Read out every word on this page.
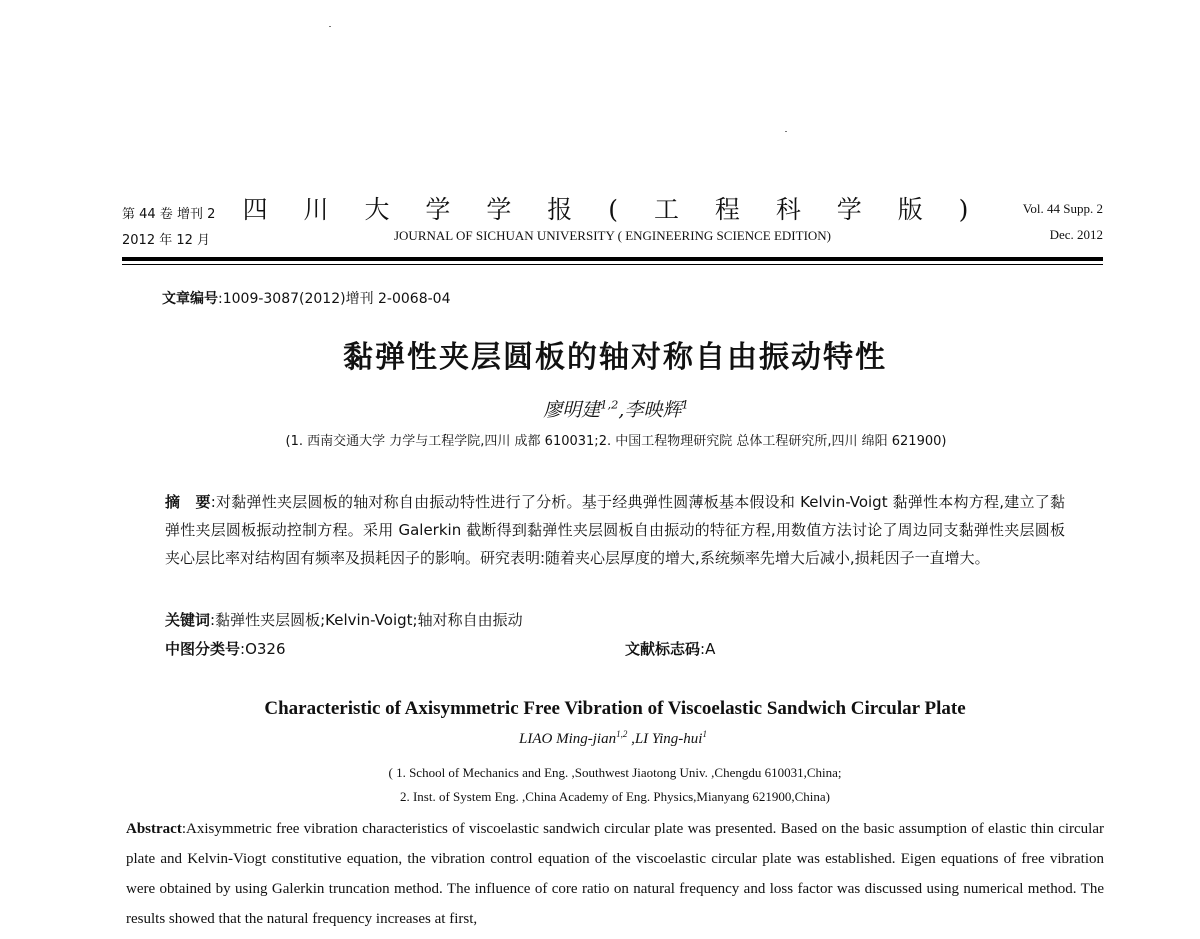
第 44 卷 增刊 2
2012 年 12 月
四 川 大 学 学 报 ( 工 程 科 学 版 )
JOURNAL OF SICHUAN UNIVERSITY ( ENGINEERING SCIENCE EDITION)
Vol. 44 Supp. 2
Dec. 2012
文章编号:1009-3087(2012)增刊 2-0068-04
黏弹性夹层圆板的轴对称自由振动特性
廖明建$^{1,2}$,李映辉$^1$
(1. 西南交通大学 力学与工程学院,四川 成都 610031;2. 中国工程物理研究院 总体工程研究所,四川 绵阳 621900)
摘　要:对黏弹性夹层圆板的轴对称自由振动特性进行了分析。基于经典弹性圆薄板基本假设和 Kelvin-Voigt 黏弹性本构方程,建立了黏弹性夹层圆板振动控制方程。采用 Galerkin 截断得到黏弹性夹层圆板自由振动的特征方程,用数值方法讨论了周边同支黏弹性夹层圆板夹心层比率对结构固有频率及损耗因子的影响。研究表明:随着夹心层厚度的增大,系统频率先增大后减小,损耗因子一直增大。
关键词:黏弹性夹层圆板;Kelvin-Voigt;轴对称自由振动
中图分类号:O326	文献标志码:A
Characteristic of Axisymmetric Free Vibration of Viscoelastic Sandwich Circular Plate
LIAO Ming-jian$^{1,2}$ ,LI Ying-hui$^1$
( 1. School of Mechanics and Eng. ,Southwest Jiaotong Univ. ,Chengdu 610031,China;
2. Inst. of System Eng. ,China Academy of Eng. Physics,Mianyang 621900,China)
Abstract:Axisymmetric free vibration characteristics of viscoelastic sandwich circular plate was presented. Based on the basic assumption of elastic thin circular plate and Kelvin-Viogt constitutive equation, the vibration control equation of the viscoelastic circular plate was established. Eigen equations of free vibration were obtained by using Galerkin truncation method. The influence of core ratio on natural frequency and loss factor was discussed using numerical method. The results showed that the natural frequency increases at first,
